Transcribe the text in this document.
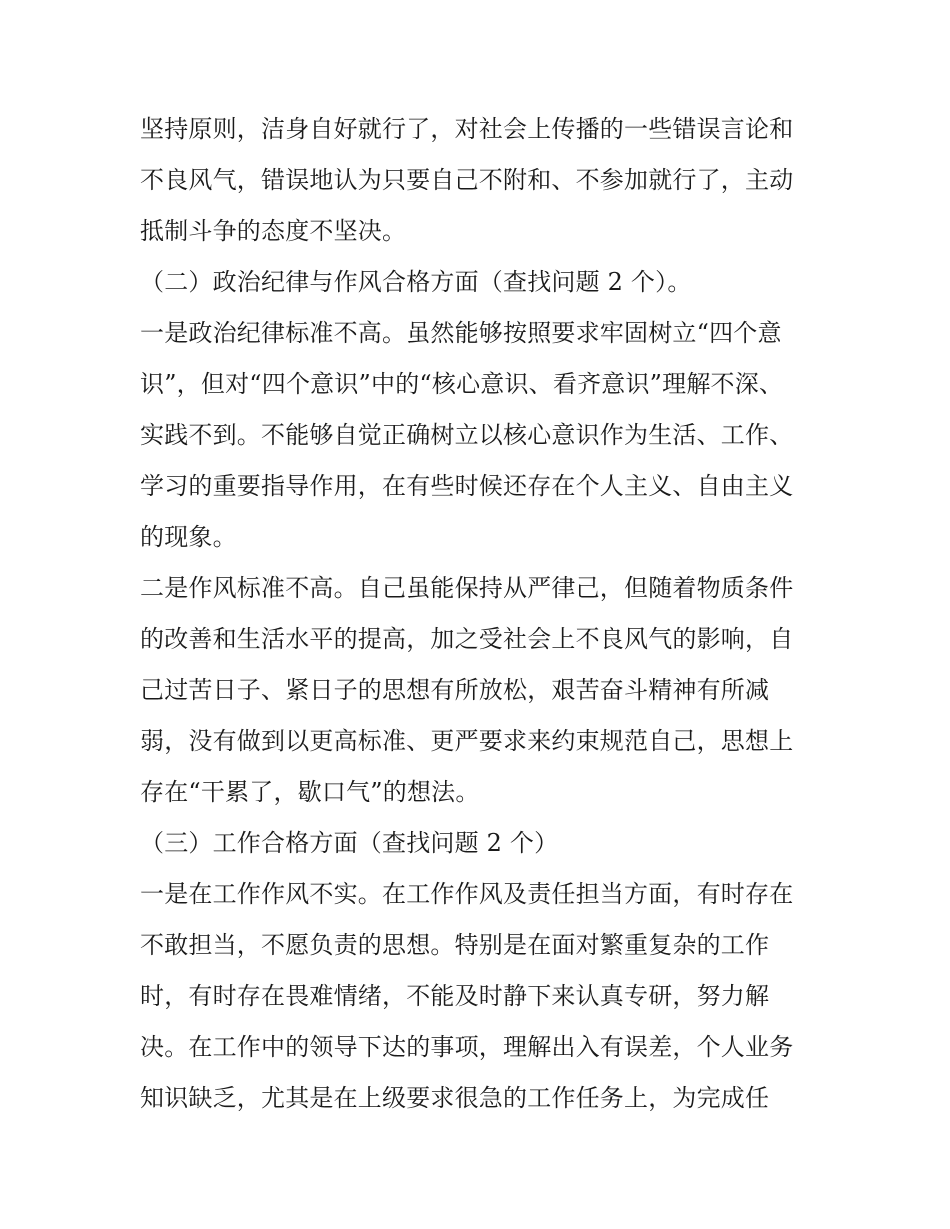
坚持原则，洁身自好就行了，对社会上传播的一些错误言论和
不良风气，错误地认为只要自己不附和、不参加就行了，主动
抵制斗争的态度不坚决。
（二）政治纪律与作风合格方面（查找问题 2 个）。
一是政治纪律标准不高。虽然能够按照要求牢固树立“四个意
识”，但对“四个意识”中的“核心意识、看齐意识”理解不深、
实践不到。不能够自觉正确树立以核心意识作为生活、工作、
学习的重要指导作用，在有些时候还存在个人主义、自由主义
的现象。
二是作风标准不高。自己虽能保持从严律己，但随着物质条件
的改善和生活水平的提高，加之受社会上不良风气的影响，自
己过苦日子、紧日子的思想有所放松，艰苦奋斗精神有所减
弱，没有做到以更高标准、更严要求来约束规范自己，思想上
存在“干累了，歇口气”的想法。
（三）工作合格方面（查找问题 2 个）
一是在工作作风不实。在工作作风及责任担当方面，有时存在
不敢担当，不愿负责的思想。特别是在面对繁重复杂的工作
时，有时存在畏难情绪，不能及时静下来认真专研，努力解
决。在工作中的领导下达的事项，理解出入有误差，个人业务
知识缺乏，尤其是在上级要求很急的工作任务上，为完成任
